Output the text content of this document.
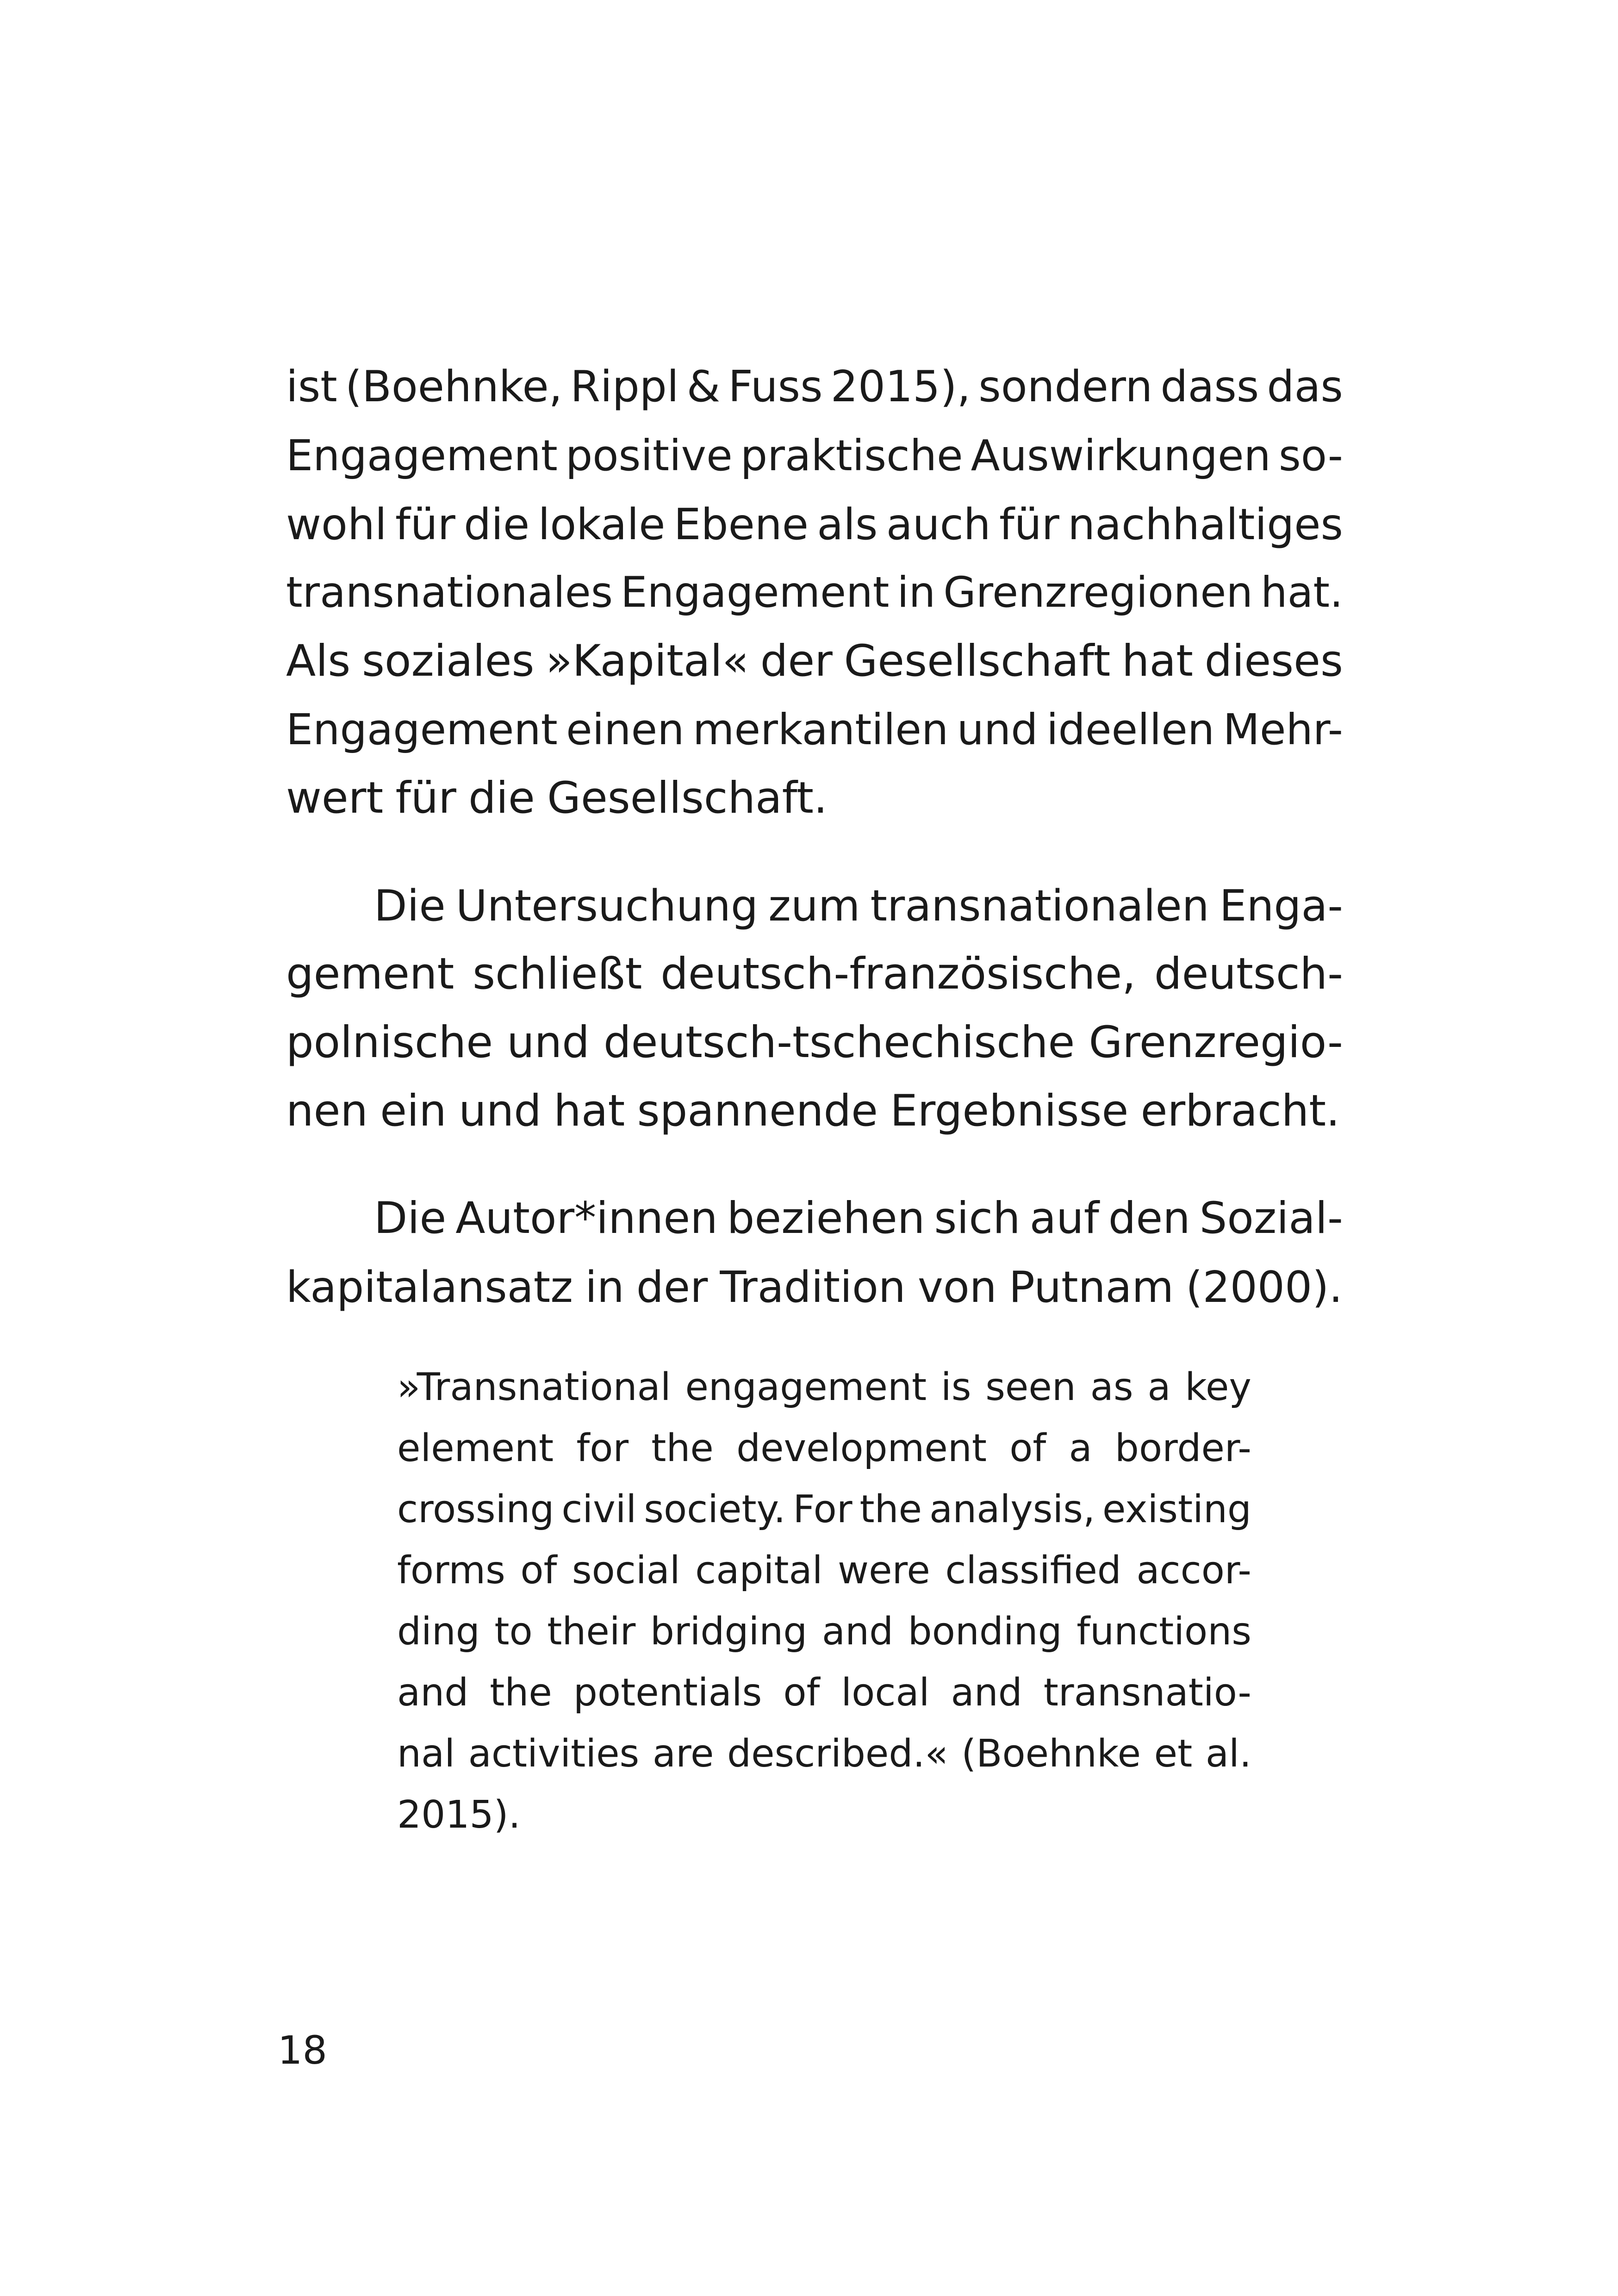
ist (Boehnke, Rippl & Fuss 2015), sondern dass das
Engagement positive praktische Auswirkungen so-
wohl für die lokale Ebene als auch für nachhaltiges
transnationales Engagement in Grenzregionen hat.
Als soziales »Kapital« der Gesellschaft hat dieses
Engagement einen merkantilen und ideellen Mehr-
wert für die Gesellschaft.
Die Untersuchung zum transnationalen Enga-
gement schließt deutsch-französische, deutsch-
polnische und deutsch-tschechische Grenzregio-
nen ein und hat spannende Ergebnisse erbracht.
Die Autor*innen beziehen sich auf den Sozial-
kapitalansatz in der Tradition von Putnam (2000).
»Transnational engagement is seen as a key
element for the development of a border-
crossing civil society. For the analysis, existing
forms of social capital were classified accor-
ding to their bridging and bonding functions
and the potentials of local and transnatio-
nal activities are described.« (Boehnke et al.
2015).
18
